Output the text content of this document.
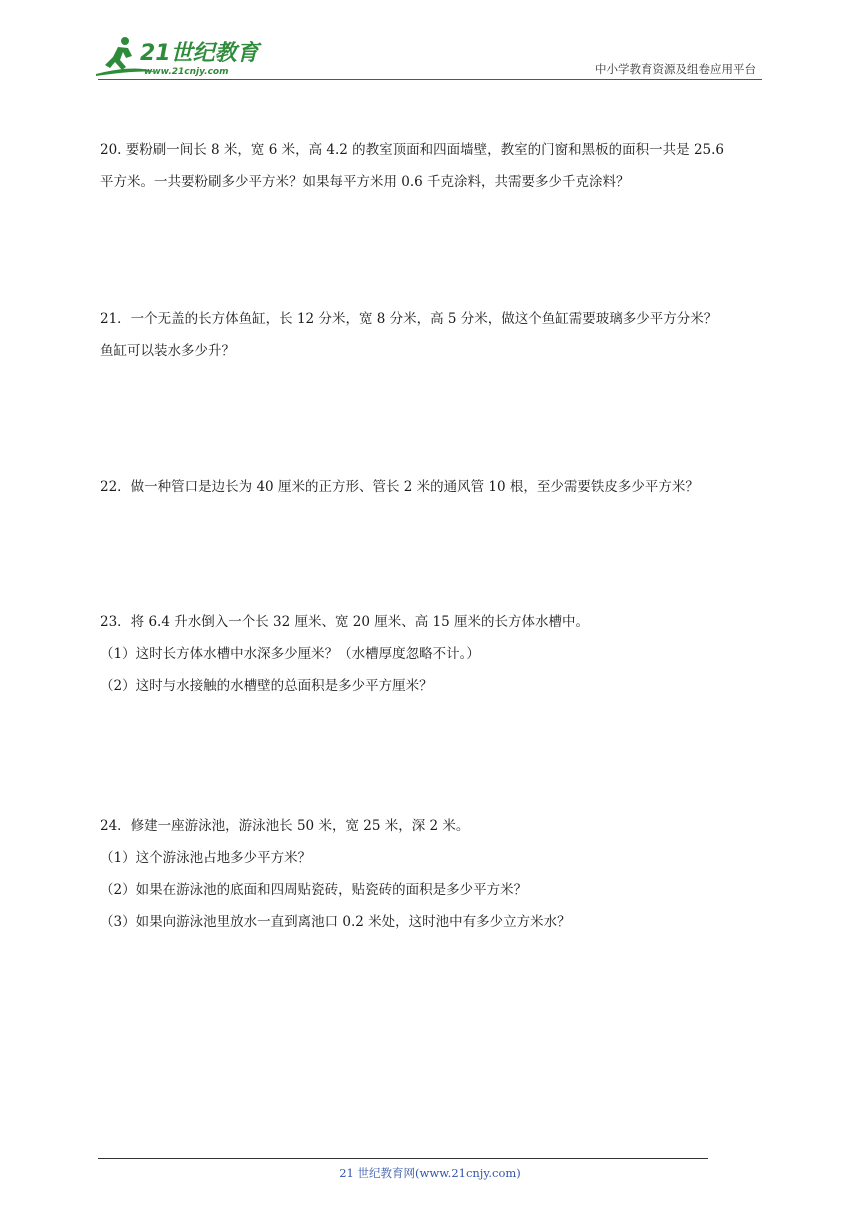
21世纪教育
www.21cnjy.com	中小学教育资源及组卷应用平台

20. 要粉刷一间长 8 米，宽 6 米，高 4.2 的教室顶面和四面墙壁，教室的门窗和黑板的面积一共是 25.6

平方米。一共要粉刷多少平方米？如果每平方米用 0.6 千克涂料，共需要多少千克涂料？

21．一个无盖的长方体鱼缸，长 12 分米，宽 8 分米，高 5 分米，做这个鱼缸需要玻璃多少平方分米？

鱼缸可以装水多少升？

22．做一种管口是边长为 40 厘米的正方形、管长 2 米的通风管 10 根，至少需要铁皮多少平方米？

23．将 6.4 升水倒入一个长 32 厘米、宽 20 厘米、高 15 厘米的长方体水槽中。

（1）这时长方体水槽中水深多少厘米？（水槽厚度忽略不计。）

（2）这时与水接触的水槽壁的总面积是多少平方厘米？

24．修建一座游泳池，游泳池长 50 米，宽 25 米，深 2 米。

（1）这个游泳池占地多少平方米？

（2）如果在游泳池的底面和四周贴瓷砖，贴瓷砖的面积是多少平方米？

（3）如果向游泳池里放水一直到离池口 0.2 米处，这时池中有多少立方米水？

21 世纪教育网(www.21cnjy.com)
